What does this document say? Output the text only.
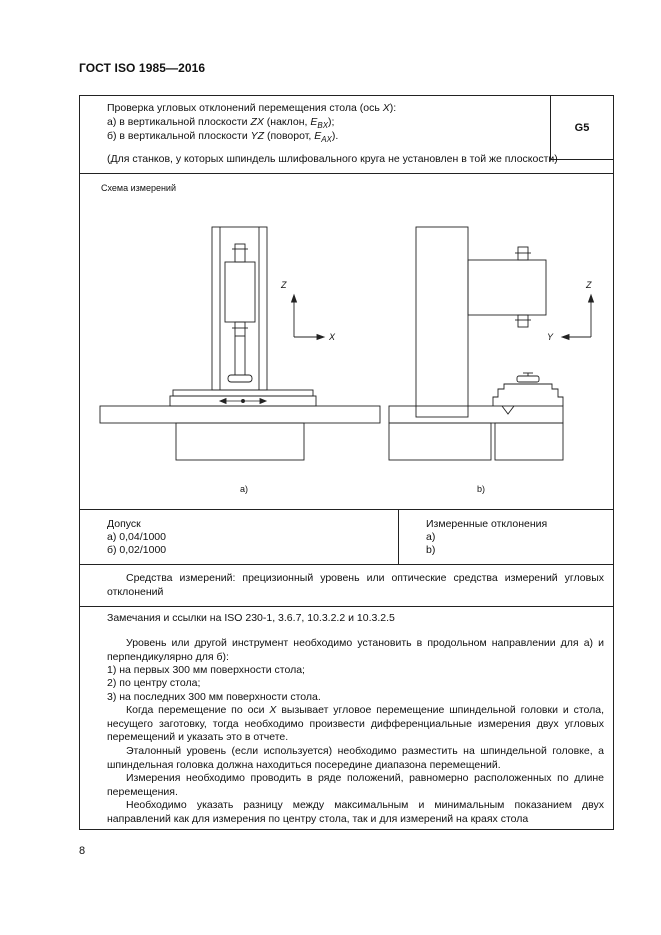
ГОСТ ISO 1985—2016
Проверка угловых отклонений перемещения стола (ось X):
а) в вертикальной плоскости ZX (наклон, $E_{BX}$);
б) в вертикальной плоскости YZ (поворот, $E_{AX}$).
G5
(Для станков, у которых шпиндель шлифовального круга не установлен в той же плоскости)
Схема измерений
Z
X
Z
Y
а)	b)
Допуск
а) 0,04/1000
б) 0,02/1000
Измеренные отклонения
а)
b)
Средства измерений: прецизионный уровень или оптические средства измерений угловых отклонений
Замечания и ссылки на ISO 230-1, 3.6.7, 10.3.2.2 и 10.3.2.5
Уровень или другой инструмент необходимо установить в продольном направлении для а) и перпендикулярно для б):
1) на первых 300 мм поверхности стола;
2) по центру стола;
3) на последних 300 мм поверхности стола.
Когда перемещение по оси X вызывает угловое перемещение шпиндельной головки и стола, несущего заготовку, тогда необходимо произвести дифференциальные измерения двух угловых перемещений и указать это в отчете.
Эталонный уровень (если используется) необходимо разместить на шпиндельной головке, а шпиндельная головка должна находиться посередине диапазона перемещений.
Измерения необходимо проводить в ряде положений, равномерно расположенных по длине перемещения.
Необходимо указать разницу между максимальным и минимальным показанием двух направлений как для измерения по центру стола, так и для измерений на краях стола
8
